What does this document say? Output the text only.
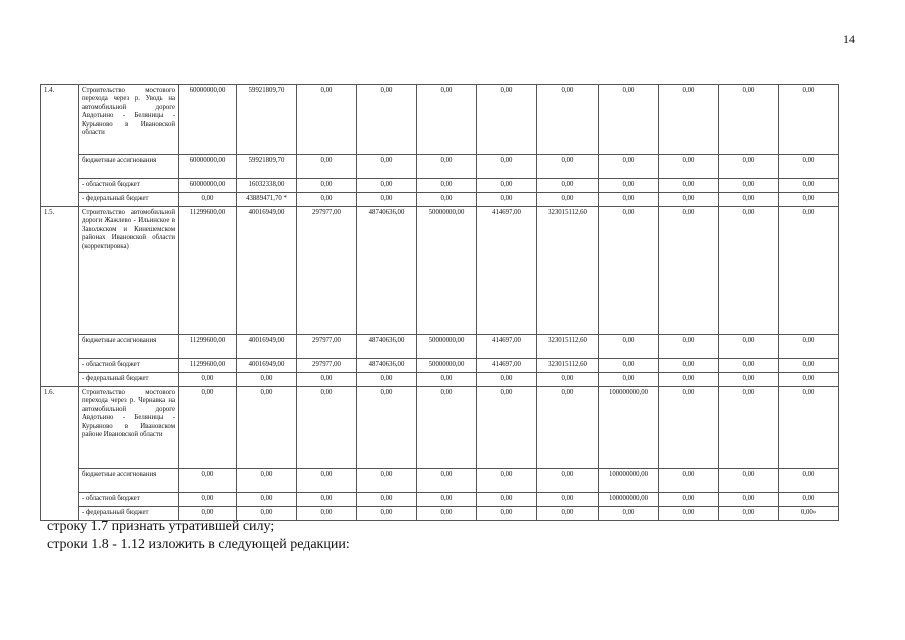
14
1.4.	Строительство мостового перехода через р. Уводь на автомобильной дороге Авдотьино - Беляницы - Курьяново в Ивановской области	60000000,00	59921809,70	0,00	0,00	0,00	0,00	0,00	0,00	0,00	0,00	0,00
	бюджетные ассигнования	60000000,00	59921809,70	0,00	0,00	0,00	0,00	0,00	0,00	0,00	0,00	0,00
	- областной бюджет	60000000,00	16032338,00	0,00	0,00	0,00	0,00	0,00	0,00	0,00	0,00	0,00
	- федеральный бюджет	0,00	43889471,70 *	0,00	0,00	0,00	0,00	0,00	0,00	0,00	0,00	0,00
1.5.	Строительство автомобильной дороги Жажлево - Ильинское в Заволжском и Кинешемском районах Ивановской области (корректировка)	11299600,00	40016949,00	297977,00	48740636,00	50000000,00	414697,00	323015112,60	0,00	0,00	0,00	0,00
	бюджетные ассигнования	11299600,00	40016949,00	297977,00	48740636,00	50000000,00	414697,00	323015112,60	0,00	0,00	0,00	0,00
	- областной бюджет	11299600,00	40016949,00	297977,00	48740636,00	50000000,00	414697,00	323015112,60	0,00	0,00	0,00	0,00
	- федеральный бюджет	0,00	0,00	0,00	0,00	0,00	0,00	0,00	0,00	0,00	0,00	0,00
1.6.	Строительство мостового перехода через р. Чернавка на автомобильной дороге Авдотьино - Беляницы - Курьяново в Ивановском районе Ивановской области	0,00	0,00	0,00	0,00	0,00	0,00	0,00	100000000,00	0,00	0,00	0,00
	бюджетные ассигнования	0,00	0,00	0,00	0,00	0,00	0,00	0,00	100000000,00	0,00	0,00	0,00
	- областной бюджет	0,00	0,00	0,00	0,00	0,00	0,00	0,00	100000000,00	0,00	0,00	0,00
	- федеральный бюджет	0,00	0,00	0,00	0,00	0,00	0,00	0,00	0,00	0,00	0,00	0,00»
строку 1.7 признать утратившей силу;
строки 1.8 - 1.12 изложить в следующей редакции:
